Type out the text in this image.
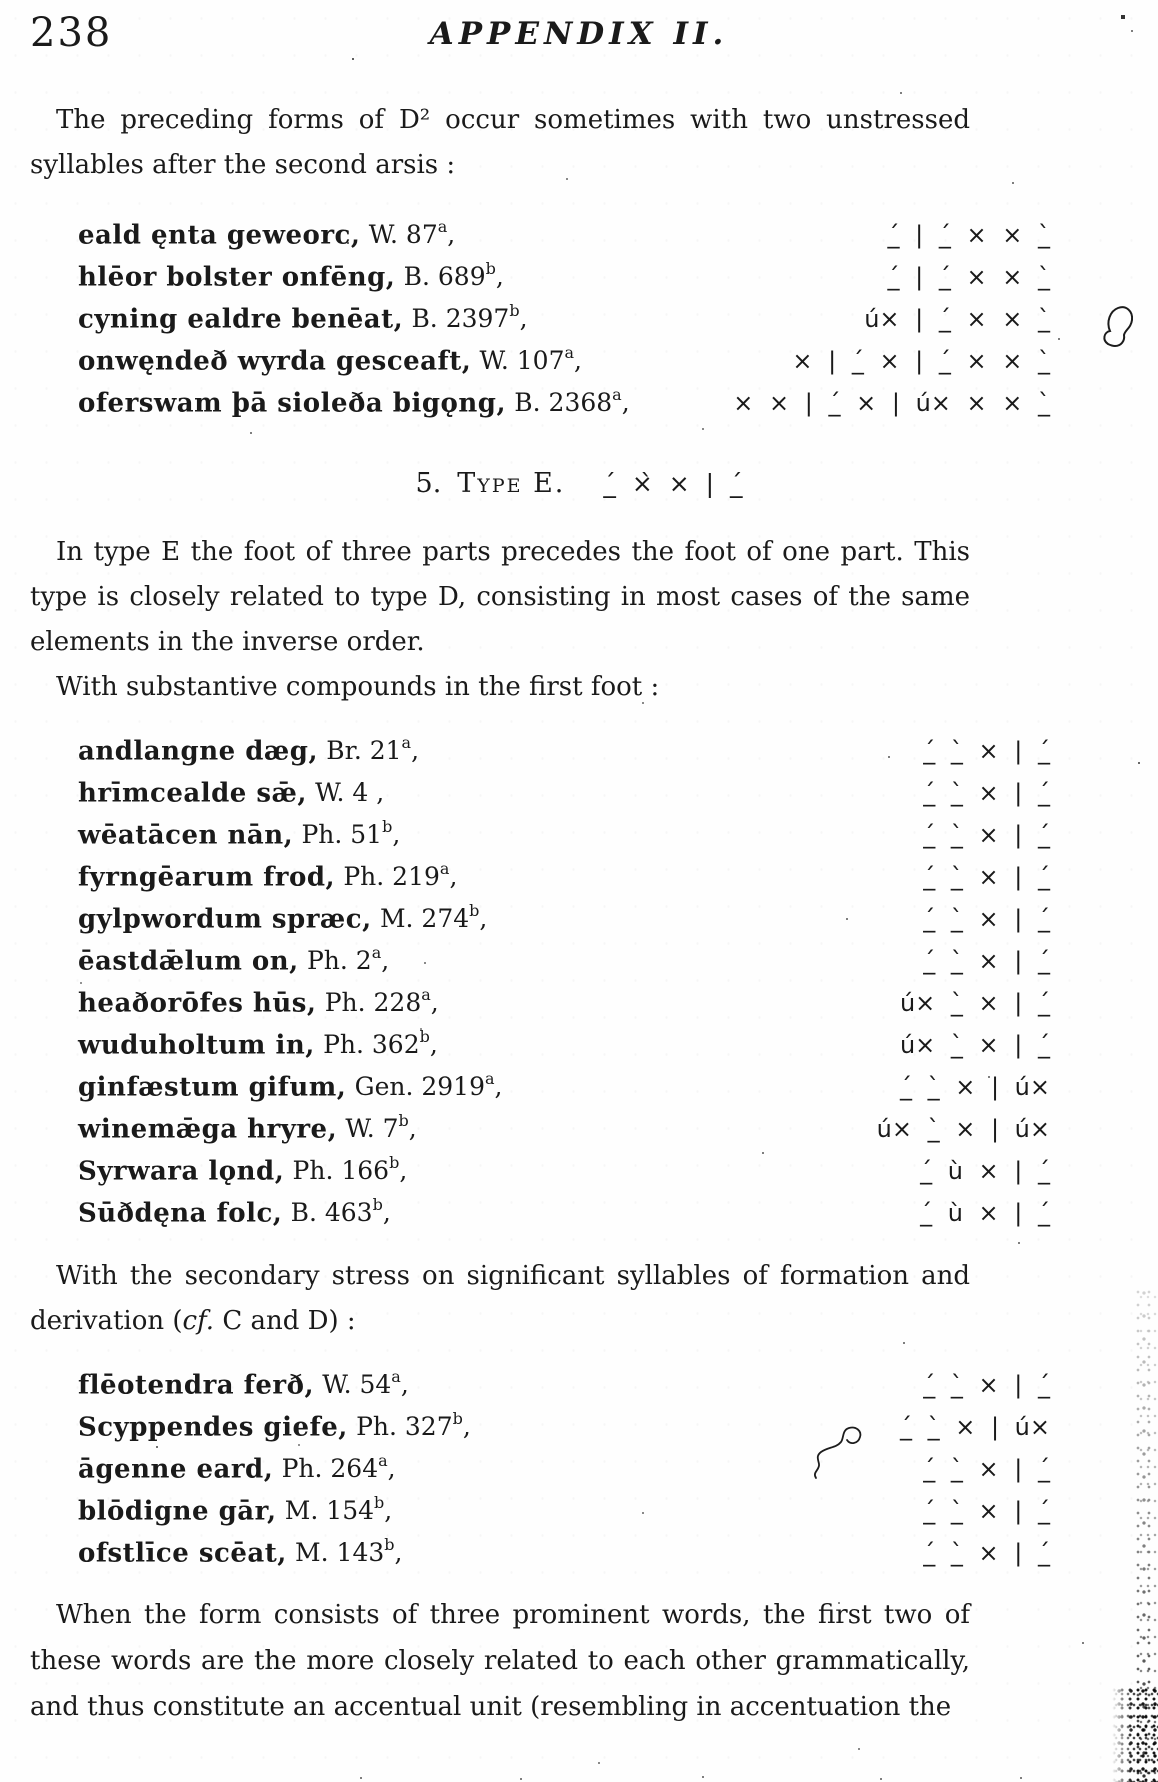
238	APPENDIX II.

The preceding forms of D² occur sometimes with two unstressed syllables after the second arsis :

eald ęnta geweorc, W. 87$^a$,	´̲ | ´̲ × × `̲
hlēor bolster onfēng, B. 689$^b$,	´̲ | ´̲ × × `̲
cyning ealdre benēat, B. 2397$^b$,	ú× | ´̲ × × `̲
onwęndeð wyrda gesceaft, W. $107^a$,	× | ´̲ × | ´̲ × × `̲
oferswam þā sioleða bigǫng, B. $2368^a$,	× × | ´̲ × | ú× × × `̲
5. Type E. ´̲ ×̀ × | ´̲

In type E the foot of three parts precedes the foot of one part. This type is closely related to type D, consisting in most cases of the same elements in the inverse order.

With substantive compounds in the first foot :

andlangne dæg, Br. 21$^a$,	´̲ `̲ × | ´̲
hrīmcealde sǣ, W. 4 ,	´̲ `̲ × | ´̲
wēatācen nān, Ph. 51$^b$,	´̲ `̲ × | ´̲
fyrngēarum frod, Ph. 219$^a$,	´̲ `̲ × | ´̲
gylpwordum spræc, M. 274$^b$,	´̲ `̲ × | ´̲
ēastdǣlum on, Ph. 2$^a$,	´̲ `̲ × | ´̲
heaðorōfes hūs, Ph. 228$^a$,	ú× `̲ × | ´̲
wuduholtum in, Ph. 362$^b$,	ú× `̲ × | ´̲
ginfæstum gifum, Gen. 2919$^a$,	´̲ `̲ × | ú×
winemǣga hryre, W. 7$^b$,	ú× `̲ × | ú×
Syrwara lǫnd, Ph. 166$^b$,	´̲ ù × | ´̲
Sūðdęna folc, B. 463$^b$,	´̲ ù × | ´̲

With the secondary stress on significant syllables of formation and derivation (cf. C and D) :

flēotendra ferð, W. 54$^a$,	´̲ `̲ × | ´̲
Scyppendes giefe, Ph. 327$^b$,	´̲ `̲ × | ú×
āgenne eard, Ph. 264$^a$,	´̲ `̲ × | ´̲
blōdigne gār, M. 154$^b$,	´̲ `̲ × | ´̲
ofstlīce scēat, M. 143$^b$,	´̲ `̲ × | ´̲

When the form consists of three prominent words, the first two of these words are the more closely related to each other grammatically, and thus constitute an accentual unit (resembling in accentuation the
